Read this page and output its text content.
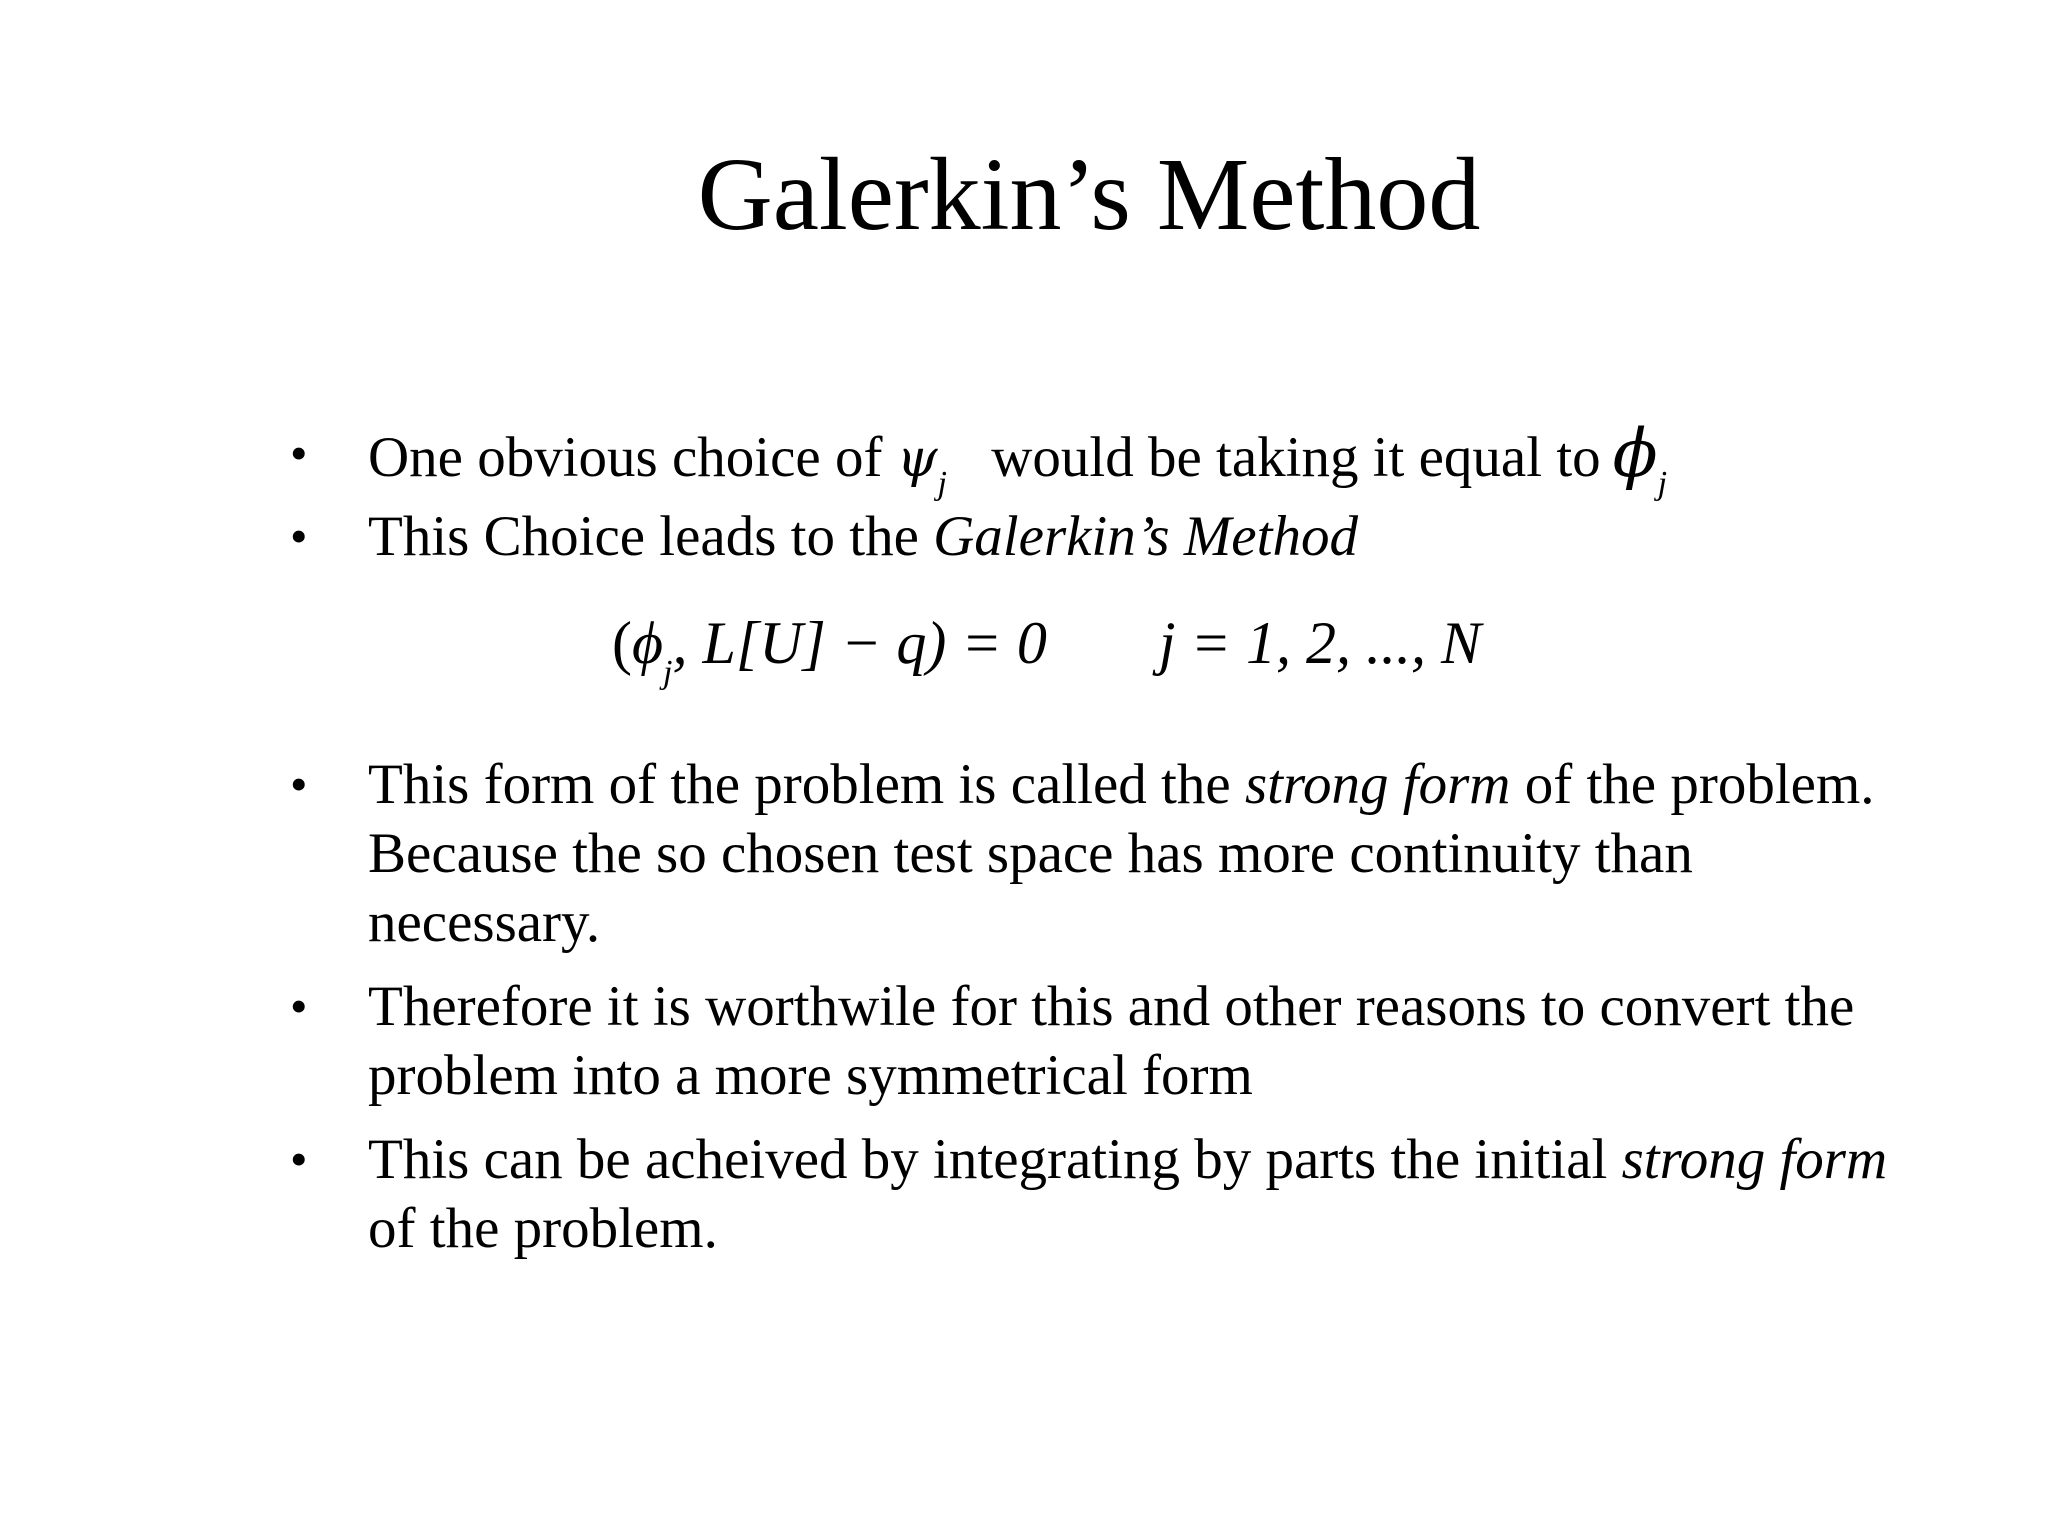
Galerkin’s Method
• One obvious choice of $\psi_j$ would be taking it equal to $\phi_j$
• This Choice leads to the Galerkin’s Method
($\phi_j$, L[U] − q) = 0 j = 1, 2, ..., N
• This form of the problem is called the strong form of the problem.
Because the so chosen test space has more continuity than
necessary.
• Therefore it is worthwile for this and other reasons to convert the
problem into a more symmetrical form
• This can be acheived by integrating by parts the initial strong form
of the problem.
